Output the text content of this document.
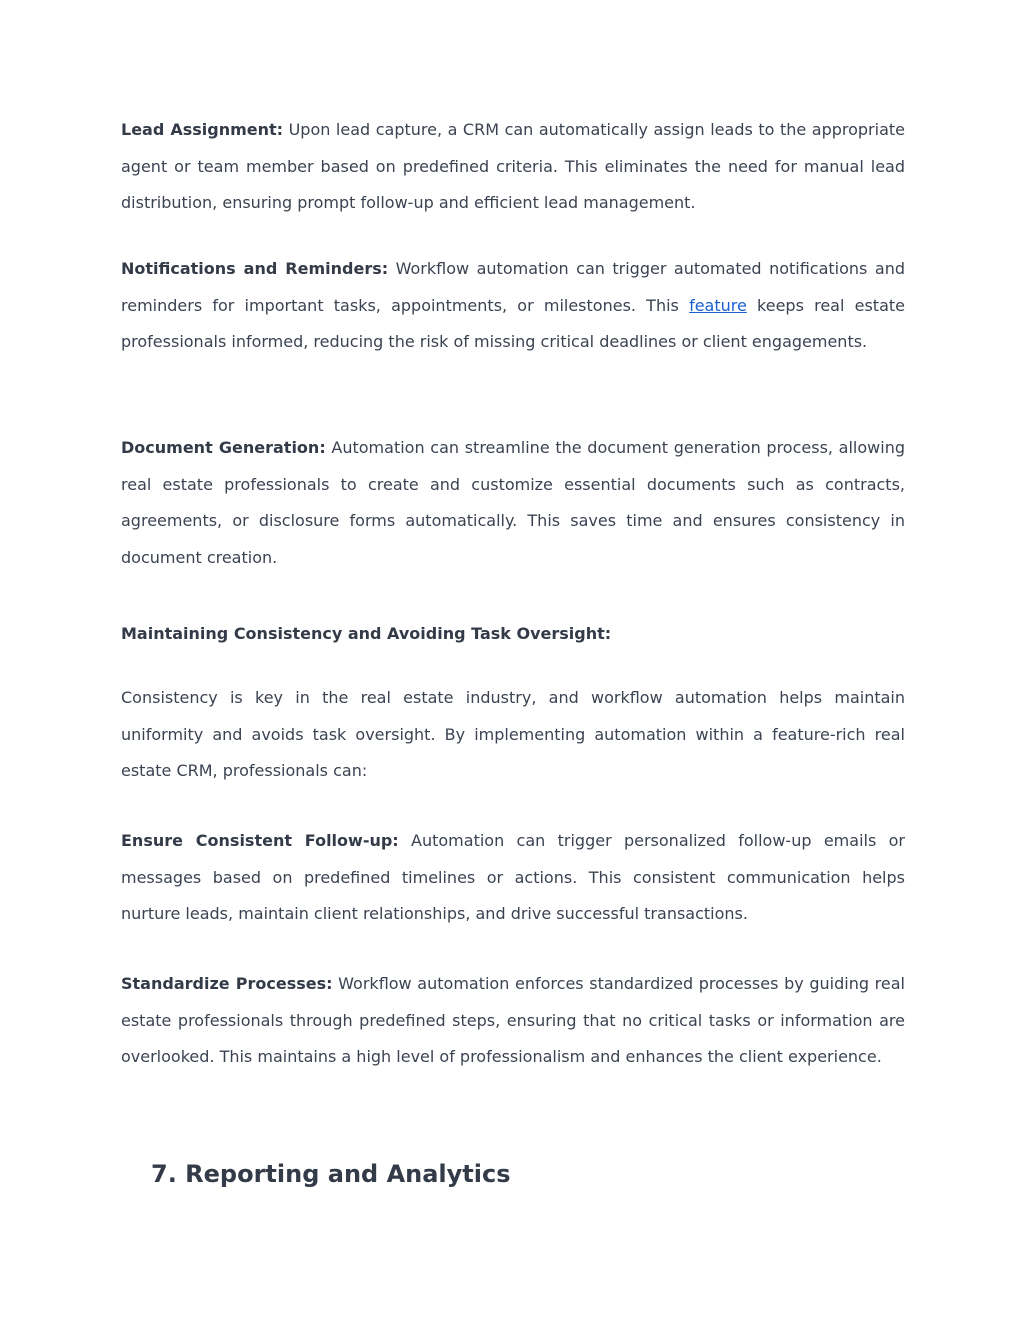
Lead Assignment: Upon lead capture, a CRM can automatically assign leads to the appropriate agent or team member based on predefined criteria. This eliminates the need for manual lead distribution, ensuring prompt follow-up and efficient lead management.

Notifications and Reminders: Workflow automation can trigger automated notifications and reminders for important tasks, appointments, or milestones. This feature keeps real estate professionals informed, reducing the risk of missing critical deadlines or client engagements.

Document Generation: Automation can streamline the document generation process, allowing real estate professionals to create and customize essential documents such as contracts, agreements, or disclosure forms automatically. This saves time and ensures consistency in document creation.

Maintaining Consistency and Avoiding Task Oversight:

Consistency is key in the real estate industry, and workflow automation helps maintain uniformity and avoids task oversight. By implementing automation within a feature-rich real estate CRM, professionals can:

Ensure Consistent Follow-up: Automation can trigger personalized follow-up emails or messages based on predefined timelines or actions. This consistent communication helps nurture leads, maintain client relationships, and drive successful transactions.

Standardize Processes: Workflow automation enforces standardized processes by guiding real estate professionals through predefined steps, ensuring that no critical tasks or information are overlooked. This maintains a high level of professionalism and enhances the client experience.

7. Reporting and Analytics
